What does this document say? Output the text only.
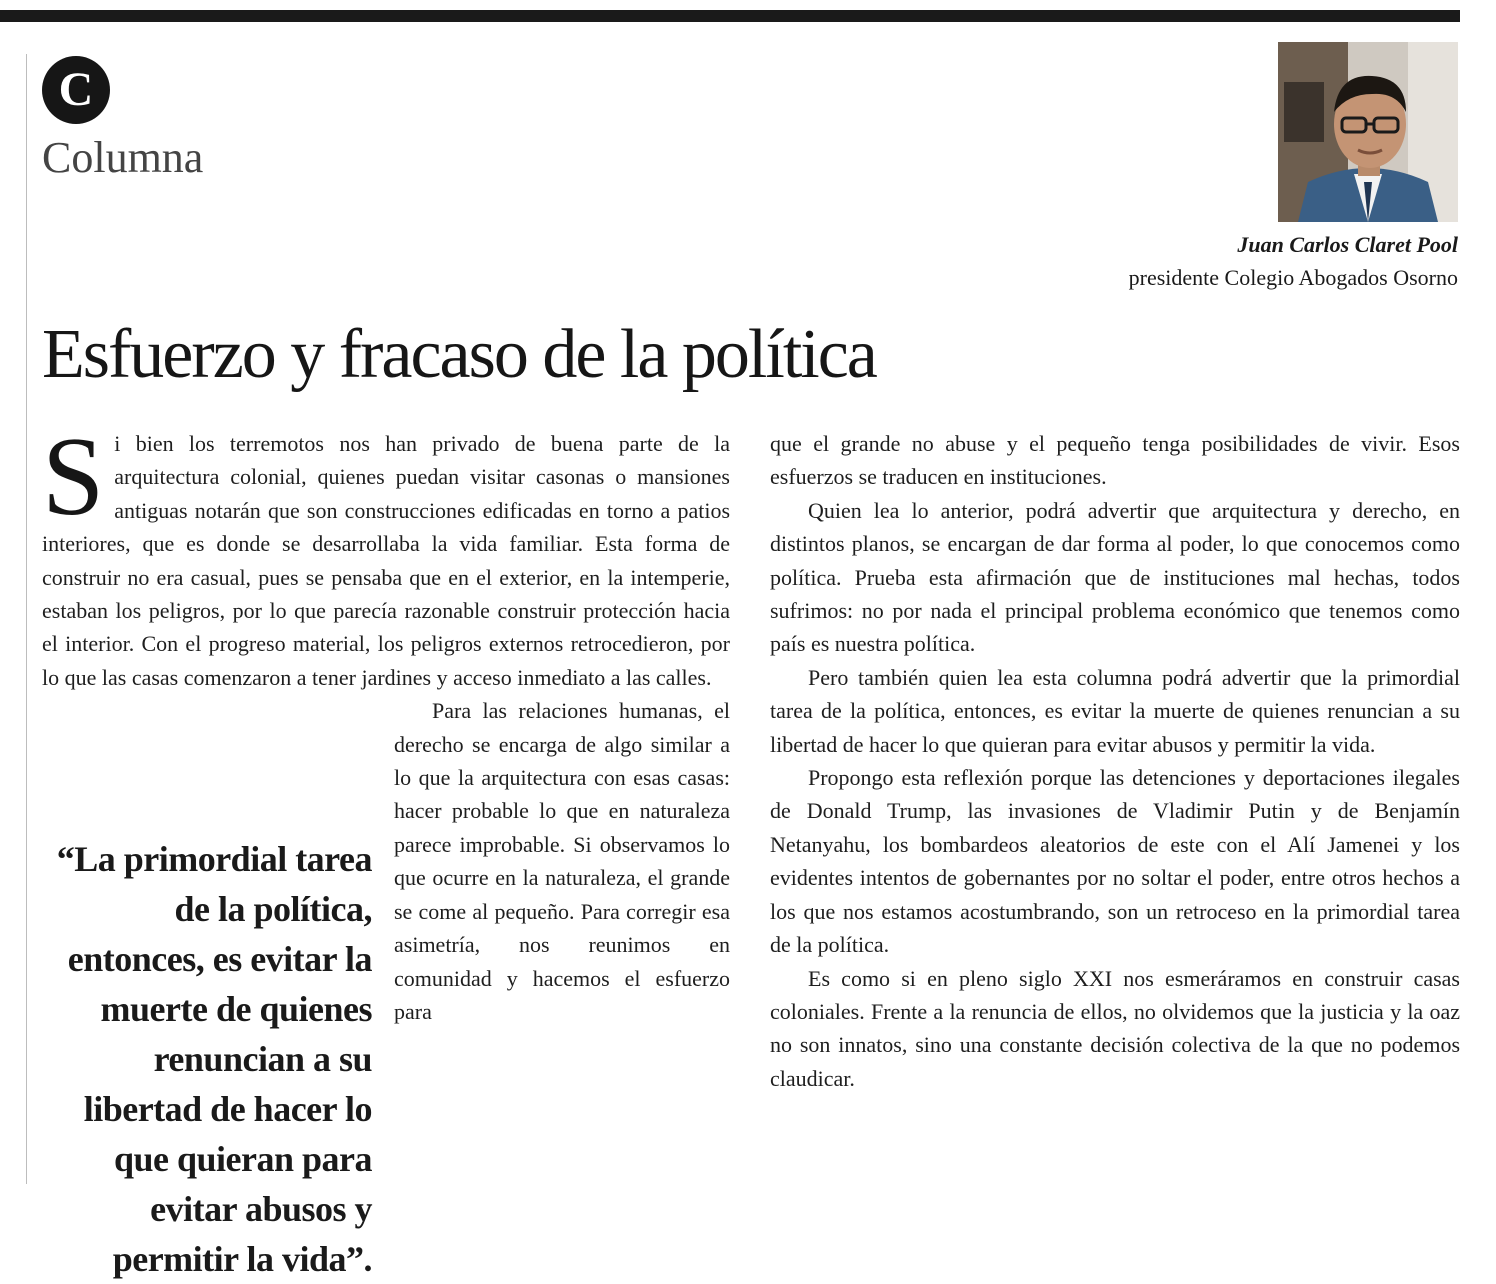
C
Columna
Juan Carlos Claret Pool
presidente Colegio Abogados Osorno
Esfuerzo y fracaso de la política

S i bien los terremotos nos han privado de buena parte de la arquitectura colonial, quienes puedan visitar casonas o mansiones antiguas notarán que son construcciones edificadas en torno a patios interiores, que es donde se desarrollaba la vida familiar. Esta forma de construir no era casual, pues se pensaba que en el exterior, en la intemperie, estaban los peligros, por lo que parecía razonable construir protección hacia el interior. Con el progreso material, los peligros externos retrocedieron, por lo que las casas comenzaron a tener jardines y acceso inmediato a las calles.

“La primordial tarea de la política, entonces, es evitar la muerte de quienes renuncian a su libertad de hacer lo que quieran para evitar abusos y permitir la vida”.

Para las relaciones humanas, el derecho se encarga de algo similar a lo que la arquitectura con esas casas: hacer probable lo que en naturaleza parece improbable. Si observamos lo que ocurre en la naturaleza, el grande se come al pequeño. Para corregir esa asimetría, nos reunimos en comunidad y hacemos el esfuerzo para

que el grande no abuse y el pequeño tenga posibilidades de vivir. Esos esfuerzos se traducen en instituciones.

Quien lea lo anterior, podrá advertir que arquitectura y derecho, en distintos planos, se encargan de dar forma al poder, lo que conocemos como política. Prueba esta afirmación que de instituciones mal hechas, todos sufrimos: no por nada el principal problema económico que tenemos como país es nuestra política.

Pero también quien lea esta columna podrá advertir que la primordial tarea de la política, entonces, es evitar la muerte de quienes renuncian a su libertad de hacer lo que quieran para evitar abusos y permitir la vida.

Propongo esta reflexión porque las detenciones y deportaciones ilegales de Donald Trump, las invasiones de Vladimir Putin y de Benjamín Netanyahu, los bombardeos aleatorios de este con el Alí Jamenei y los evidentes intentos de gobernantes por no soltar el poder, entre otros hechos a los que nos estamos acostumbrando, son un retroceso en la primordial tarea de la política.

Es como si en pleno siglo XXI nos esmeráramos en construir casas coloniales. Frente a la renuncia de ellos, no olvidemos que la justicia y la oaz no son innatos, sino una constante decisión colectiva de la que no podemos claudicar.
